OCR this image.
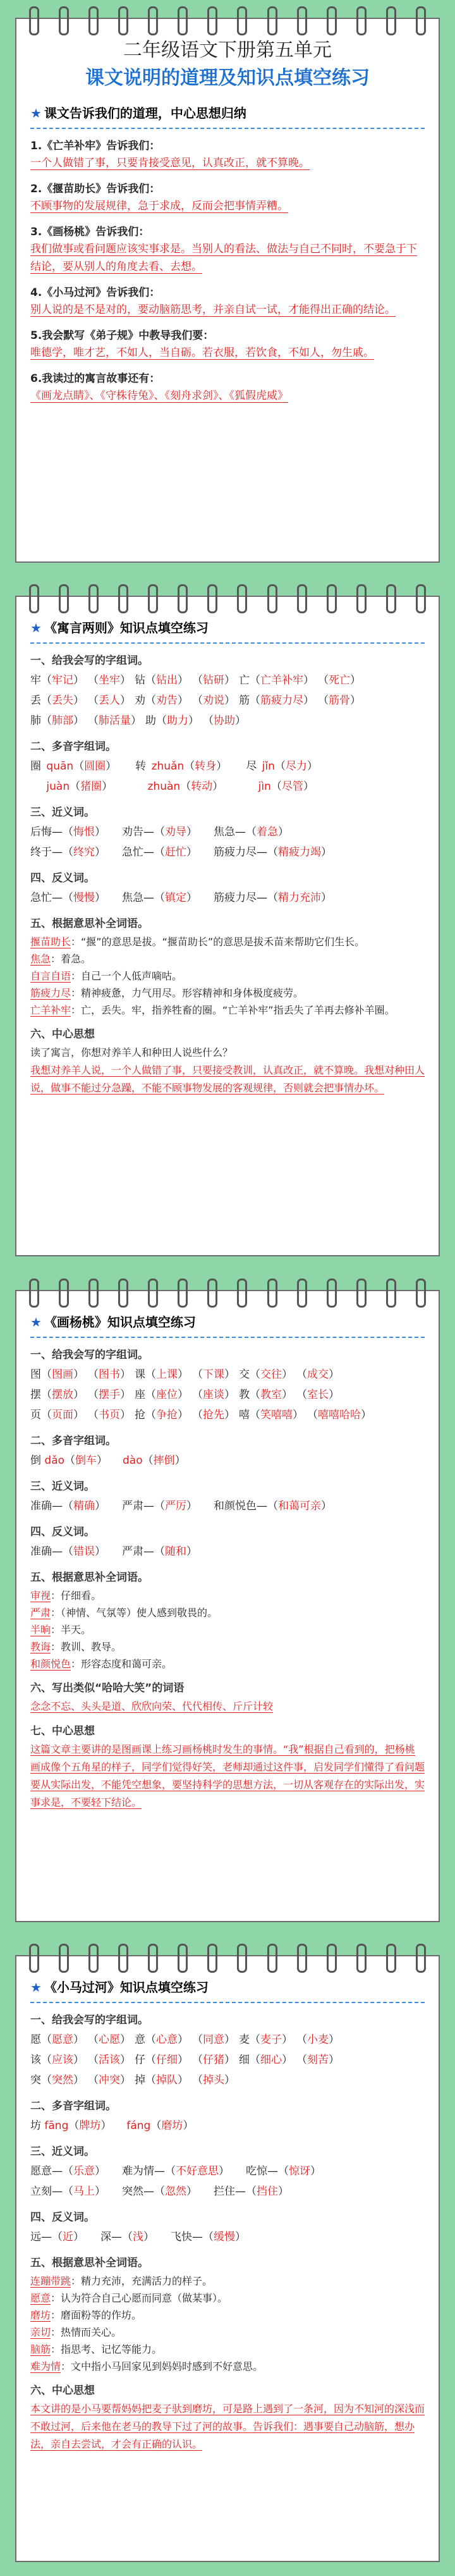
二年级语文下册第五单元
课文说明的道理及知识点填空练习
★ 课文告诉我们的道理，中心思想归纳
1.《亡羊补牢》告诉我们：
一个人做错了事，只要肯接受意见，认真改正，就不算晚。
2.《揠苗助长》告诉我们：
不顾事物的发展规律，急于求成，反而会把事情弄糟。
3.《画杨桃》告诉我们：
我们做事或看问题应该实事求是。当别人的看法、做法与自己不同时，不要急于下结论，要从别人的角度去看、去想。
4.《小马过河》告诉我们：
别人说的是不是对的，要动脑筋思考，并亲自试一试，才能得出正确的结论。
5.我会默写《弟子规》中教导我们要：
唯德学，唯才艺，不如人，当自砺。若衣服，若饮食，不如人，勿生戚。
6.我读过的寓言故事还有：
《画龙点睛》、《守株待兔》、《刻舟求剑》、《狐假虎威》
★ 《寓言两则》知识点填空练习
一、给我会写的字组词。
牢（牢记） （坐牢） 钻（钻出） （钻研） 亡（亡羊补牢） （死亡）
丢（丢失） （丢人） 劝（劝告） （劝说） 筋（筋疲力尽） （筋骨）
肺（肺部） （肺活量） 助（助力） （协助）
二、多音字组词。
圈 quān（圆圈） 转 zhuǎn（转身） 尽 jǐn（尽力）
juàn（猪圈）	zhuàn（转动）	jìn（尽管）
三、近义词。
后悔—（悔恨） 劝告—（劝导） 焦急—（着急）
终于—（终究） 急忙—（赶忙） 筋疲力尽—（精疲力竭）
四、反义词。
急忙—（慢慢） 焦急—（镇定） 筋疲力尽—（精力充沛）
五、根据意思补全词语。
揠苗助长：“揠”的意思是拔。“揠苗助长”的意思是拔禾苗来帮助它们生长。
焦急：着急。
自言自语：自己一个人低声嘀咕。
筋疲力尽：精神疲惫，力气用尽。形容精神和身体极度疲劳。
亡羊补牢：亡，丢失。牢，指养牲畜的圈。“亡羊补牢”指丢失了羊再去修补羊圈。
六、中心思想
读了寓言，你想对养羊人和种田人说些什么？
我想对养羊人说，一个人做错了事，只要接受教训，认真改正，就不算晚。我想对种田人说，做事不能过分急躁，不能不顾事物发展的客观规律，否则就会把事情办坏。
★ 《画杨桃》知识点填空练习
一、给我会写的字组词。
图（图画） （图书） 课（上课） （下课） 交（交往） （成交）
摆（摆放） （摆手） 座（座位） （座谈） 教（教室） （室长）
页（页面） （书页） 抢（争抢） （抢先） 嘻（笑嘻嘻） （嘻嘻哈哈）
二、多音字组词。
倒 dǎo（倒车） dào（摔倒）
三、近义词。
准确—（精确） 严肃—（严厉） 和颜悦色—（和蔼可亲）
四、反义词。
准确—（错误） 严肃—（随和）
五、根据意思补全词语。
审视：仔细看。
严肃：（神情、气氛等）使人感到敬畏的。
半晌：半天。
教诲：教训、教导。
和颜悦色：形容态度和蔼可亲。
六、写出类似“哈哈大笑”的词语
念念不忘、头头是道、欣欣向荣、代代相传、斤斤计较
七、中心思想
这篇文章主要讲的是图画课上练习画杨桃时发生的事情。“我”根据自己看到的，把杨桃画成像个五角星的样子，同学们觉得好笑，老师却通过这件事，启发同学们懂得了看问题要从实际出发，不能凭空想象，要坚持科学的思想方法，一切从客观存在的实际出发，实事求是，不要轻下结论。
★ 《小马过河》知识点填空练习
一、给我会写的字组词。
愿（愿意） （心愿） 意（心意） （同意） 麦（麦子） （小麦）
该（应该） （活该） 仔（仔细） （仔猪） 细（细心） （刻苦）
突（突然） （冲突） 掉（掉队） （掉头）
二、多音字组词。
坊 fāng（牌坊） fáng（磨坊）
三、近义词。
愿意—（乐意） 难为情—（不好意思） 吃惊—（惊讶）
立刻—（马上） 突然—（忽然） 拦住—（挡住）
四、反义词。
远—（近） 深—（浅） 飞快—（缓慢）
五、根据意思补全词语。
连蹦带跳：精力充沛，充满活力的样子。
愿意：认为符合自己心愿而同意（做某事）。
磨坊：磨面粉等的作坊。
亲切：热情而关心。
脑筋：指思考、记忆等能力。
难为情：文中指小马回家见到妈妈时感到不好意思。
六、中心思想
本文讲的是小马要帮妈妈把麦子驮到磨坊，可是路上遇到了一条河，因为不知河的深浅而不敢过河，后来他在老马的教导下过了河的故事。告诉我们：遇事要自己动脑筋，想办法，亲自去尝试，才会有正确的认识。
